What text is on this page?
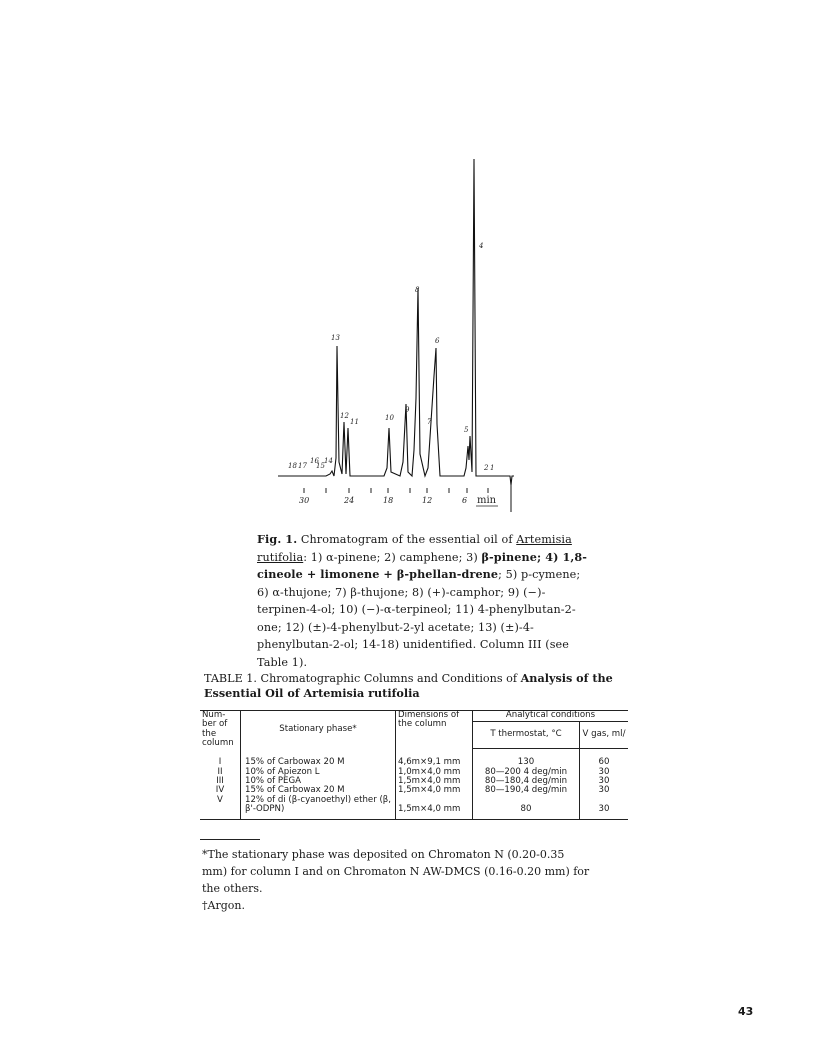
18 17
16
15
14
13
12
11	10
9
8
7
6
5
4
2 1
30	24	18	12	6 min
Fig. 1. Chromatogram of the essential oil of Artemisia rutifolia: 1) α-pinene; 2) camphene; 3) β-pinene; 4) 1,8-cineole + limonene + β-phellan-drene; 5) p-cymene; 6) α-thujone; 7) β-thujone; 8) (+)-camphor; 9) (−)-terpinen-4-ol; 10) (−)-α-terpineol; 11) 4-phenylbutan-2-one; 12) (±)-4-phenylbut-2-yl acetate; 13) (±)-4-phenylbutan-2-ol; 14-18) unidentified. Column III (see Table 1).
TABLE 1. Chromatographic Columns and Conditions of Analysis of the Essential Oil of Artemisia rutifolia
Num-ber of the column	Stationary phase*	Dimensions of the column	Analytical conditions	
			T thermostat, °C	V gas, ml/
I	15% of Carbowax 20 M	4,6m×9,1 mm	130	60
II	10% of Apiezon L	1,0m×4,0 mm	80—200 4 deg/min	30
III	10% of PEGA	1,5m×4,0 mm	80—180,4 deg/min	30
IV	15% of Carbowax 20 M	1,5m×4,0 mm	80—190,4 deg/min	30
V	12% of di (β-cyanoethyl) ether (β, β'-ODPN)	1,5m×4,0 mm	80	30
*The stationary phase was deposited on Chromaton N (0.20-0.35 mm) for column I and on Chromaton N AW-DMCS (0.16-0.20 mm) for the others.
†Argon.
43
